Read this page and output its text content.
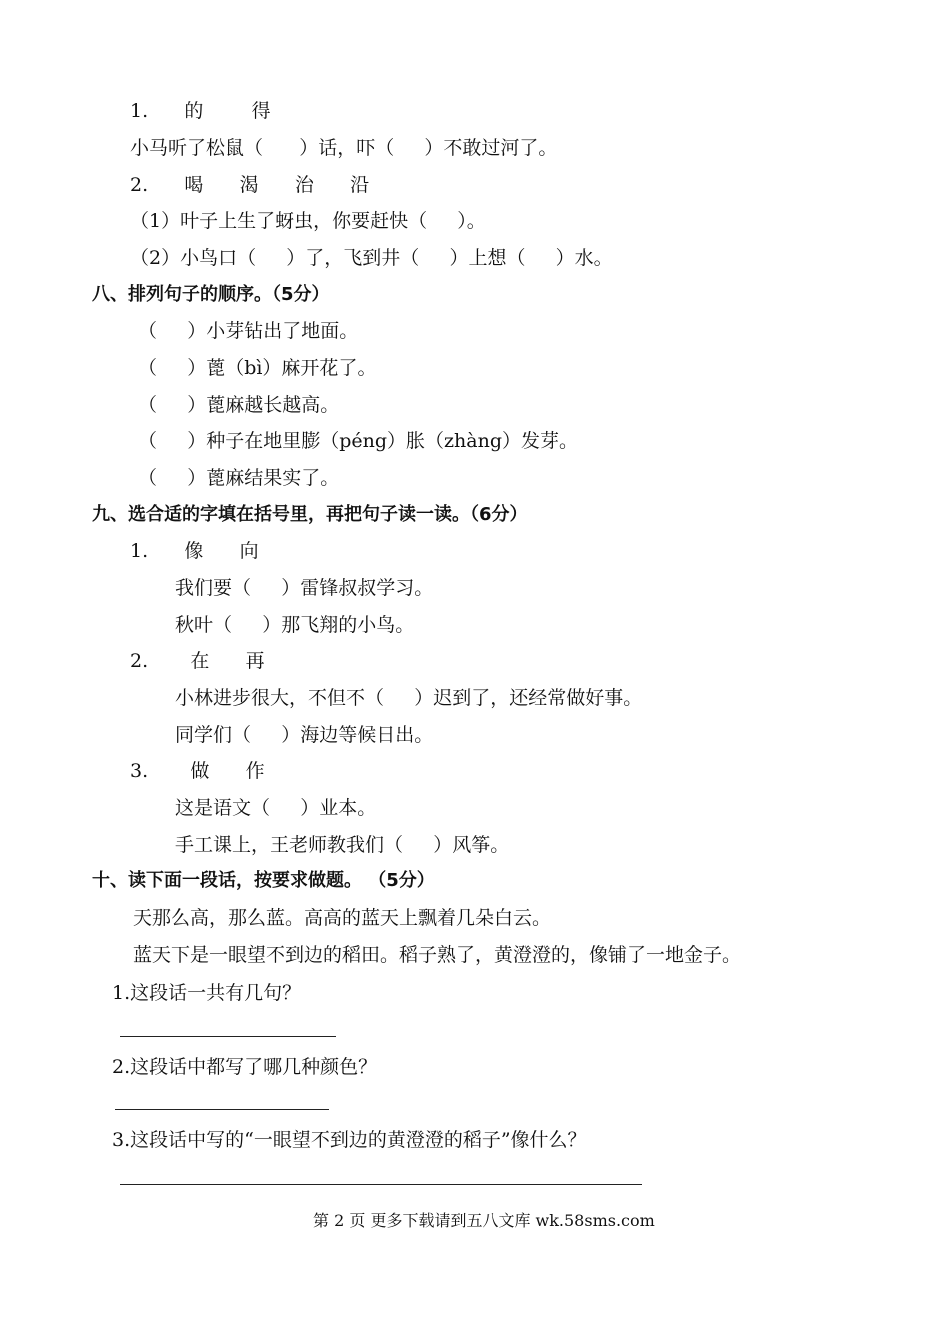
1.      的        得
小马听了松鼠（      ）话，吓（     ）不敢过河了。
2.      喝      渴      治      沿
（1）叶子上生了蚜虫，你要赶快（     ）。
（2）小鸟口（     ）了，飞到井（     ）上想（     ）水。
八、排列句子的顺序。（5分）
（     ）小芽钻出了地面。
（     ）蓖（bì）麻开花了。
（     ）蓖麻越长越高。
（     ）种子在地里膨（péng）胀（zhàng）发芽。
（     ）蓖麻结果实了。
九、选合适的字填在括号里，再把句子读一读。（6分）
1.      像      向
我们要（     ）雷锋叔叔学习。
秋叶（     ）那飞翔的小鸟。
2.       在      再
小林进步很大，不但不（     ）迟到了，还经常做好事。
同学们（     ）海边等候日出。
3.       做      作
这是语文（     ）业本。
手工课上，王老师教我们（     ）风筝。
十、读下面一段话，按要求做题。 （5分）
天那么高，那么蓝。高高的蓝天上飘着几朵白云。
蓝天下是一眼望不到边的稻田。稻子熟了，黄澄澄的，像铺了一地金子。
1.这段话一共有几句？
2.这段话中都写了哪几种颜色？
3.这段话中写的“一眼望不到边的黄澄澄的稻子”像什么？
第 2 页 更多下载请到五八文库 wk.58sms.com
